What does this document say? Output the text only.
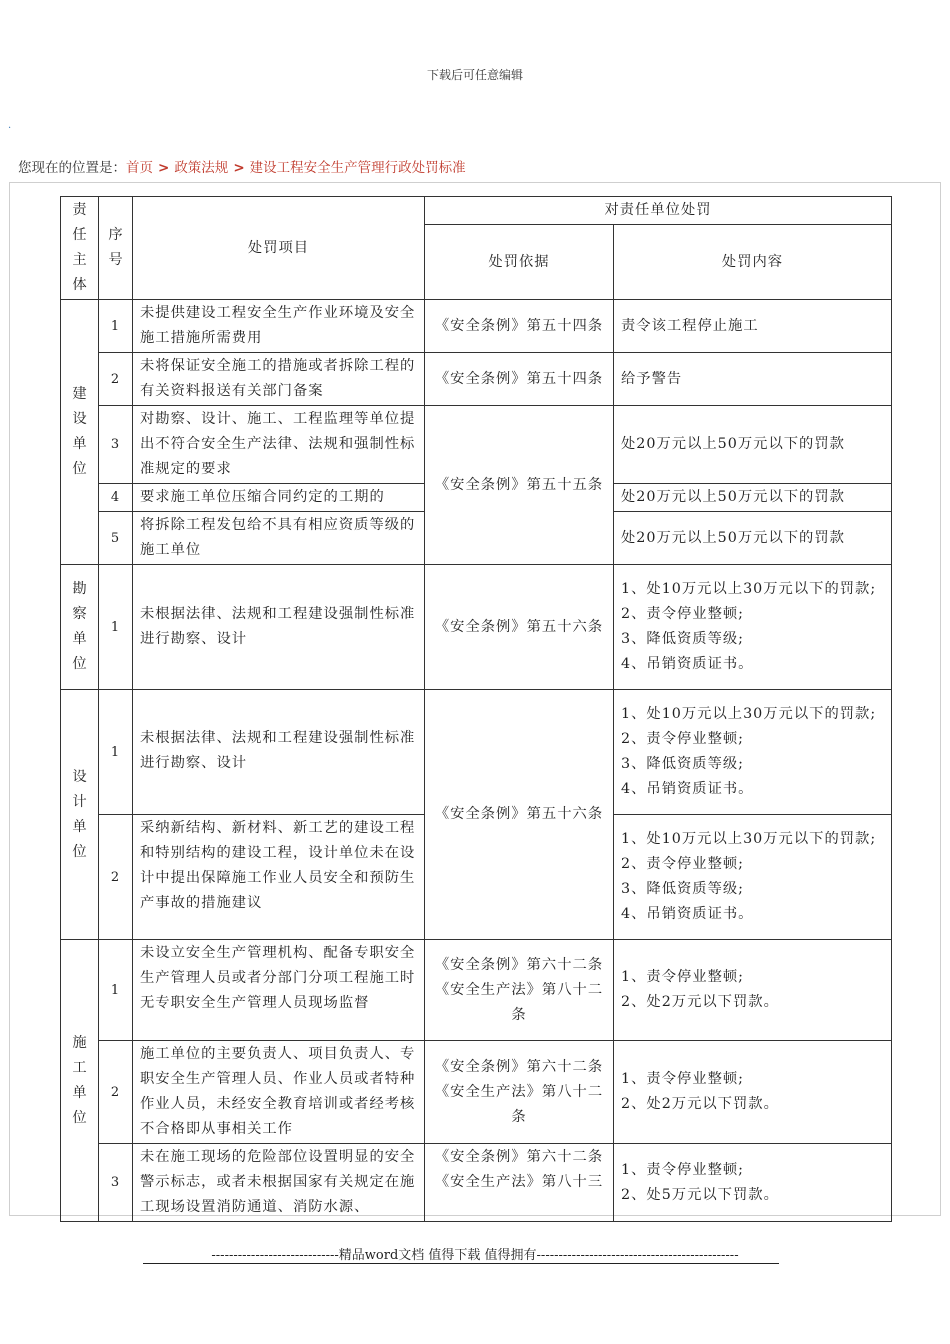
下载后可任意编辑
.
您现在的位置是：首页 > 政策法规 > 建设工程安全生产管理行政处罚标准
责任主体	序号	处罚项目	对责任单位处罚	
			处罚依据	处罚内容
建设单位	1	未提供建设工程安全生产作业环境及安全施工措施所需费用	《安全条例》第五十四条	责令该工程停止施工
	2	未将保证安全施工的措施或者拆除工程的有关资料报送有关部门备案	《安全条例》第五十四条	给予警告
	3	对勘察、设计、施工、工程监理等单位提出不符合安全生产法律、法规和强制性标准规定的要求	《安全条例》第五十五条	处20万元以上50万元以下的罚款
	4	要求施工单位压缩合同约定的工期的		处20万元以上50万元以下的罚款
	5	将拆除工程发包给不具有相应资质等级的施工单位		处20万元以上50万元以下的罚款
勘察单位	1	未根据法律、法规和工程建设强制性标准进行勘察、设计	《安全条例》第五十六条	1、处10万元以上30万元以下的罚款;
2、责令停业整顿;
3、降低资质等级;
4、吊销资质证书。
设计单位	1	未根据法律、法规和工程建设强制性标准进行勘察、设计	《安全条例》第五十六条	1、处10万元以上30万元以下的罚款;
2、责令停业整顿;
3、降低资质等级;
4、吊销资质证书。
	2	采纳新结构、新材料、新工艺的建设工程和特别结构的建设工程，设计单位未在设计中提出保障施工作业人员安全和预防生产事故的措施建议		1、处10万元以上30万元以下的罚款;
2、责令停业整顿;
3、降低资质等级;
4、吊销资质证书。
施工单位	1	未设立安全生产管理机构、配备专职安全生产管理人员或者分部门分项工程施工时无专职安全生产管理人员现场监督	《安全条例》第六十二条
《安全生产法》第八十二条	1、责令停业整顿;
2、处2万元以下罚款。
	2	施工单位的主要负责人、项目负责人、专职安全生产管理人员、作业人员或者特种作业人员，未经安全教育培训或者经考核不合格即从事相关工作	《安全条例》第六十二条
《安全生产法》第八十二条	1、责令停业整顿;
2、处2万元以下罚款。
	3	未在施工现场的危险部位设置明显的安全警示标志，或者未根据国家有关规定在施工现场设置消防通道、消防水源、	《安全条例》第六十二条
《安全生产法》第八十三	1、责令停业整顿;
2、处5万元以下罚款。
-----------------------------精品word文档 值得下载 值得拥有----------------------------------------------
